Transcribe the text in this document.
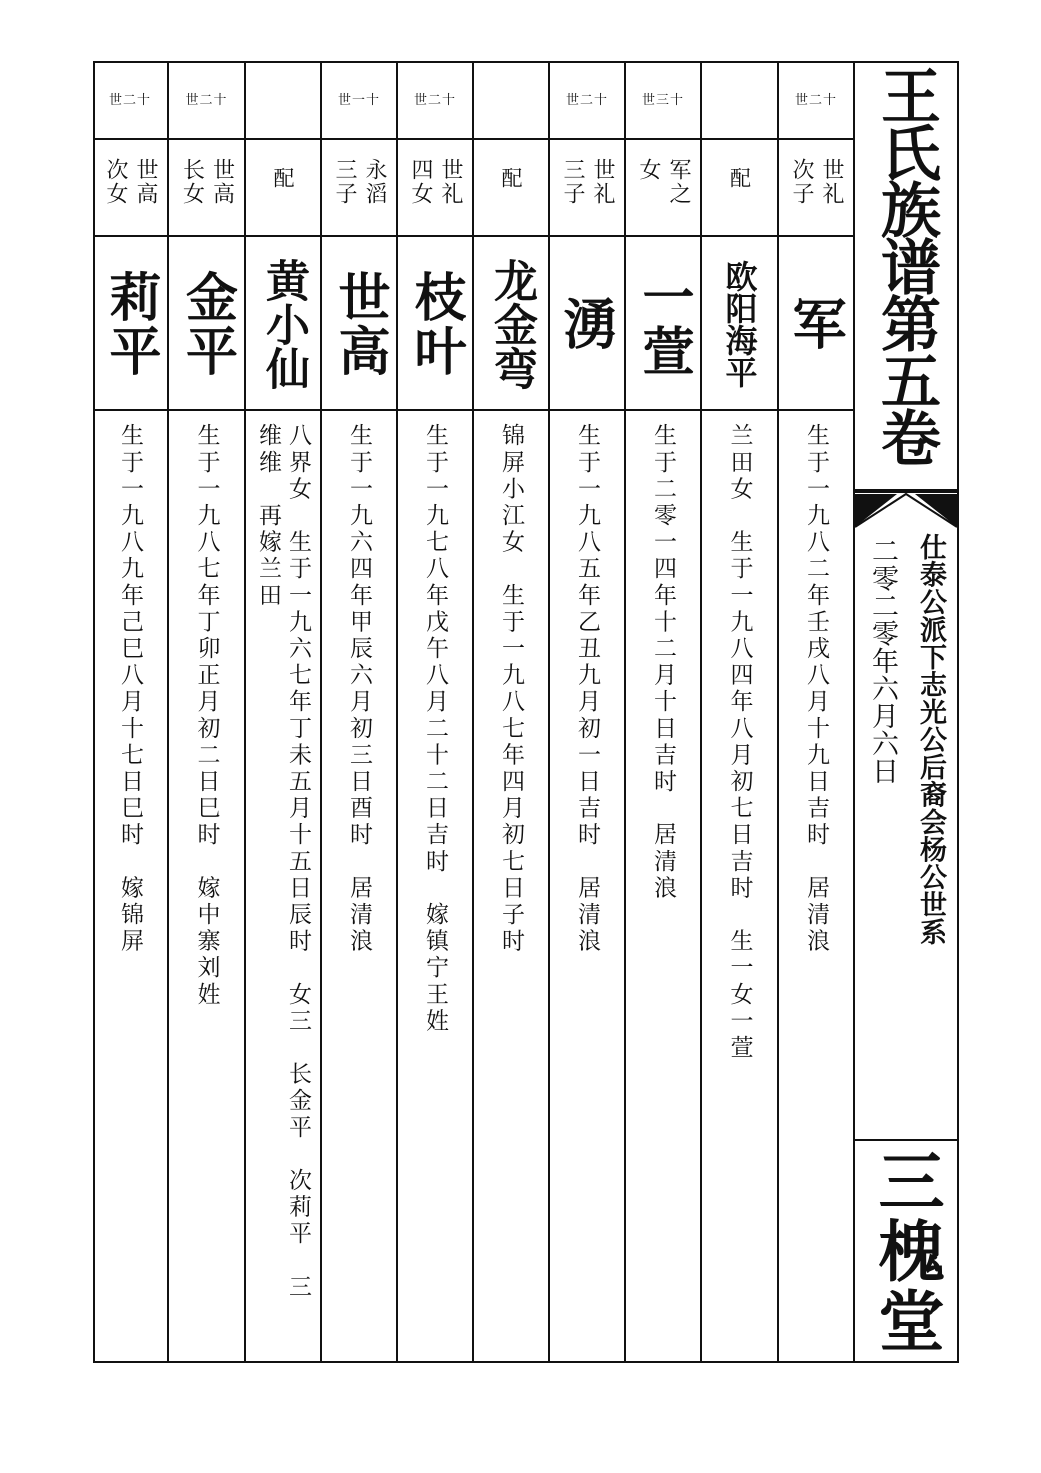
世二十
世礼
次子
军
生于一九八二年壬戌八月十九日吉时　居清浪
配
欧阳海平
兰田女　生于一九八四年八月初七日吉时　生一女一萱
世三十
军之
女
一萱
生于二零一四年十二月十日吉时　居清浪
世二十
世礼
三子
湧
生于一九八五年乙丑九月初一日吉时　居清浪
配
龙金弯
锦屏小江女　生于一九八七年四月初七日子时
世二十
世礼
四女
枝叶
生于一九七八年戊午八月二十二日吉时　嫁镇宁王姓
世一十
永滔
三子
世高
生于一九六四年甲辰六月初三日酉时　居清浪
配
黄小仙
八界女　生于一九六七年丁未五月十五日辰时　女三　长金平　次莉平　三
维维　再嫁兰田
世二十
世高
长女
金平
生于一九八七年丁卯正月初二日巳时　嫁中寨刘姓
世二十
世高
次女
莉平
生于一九八九年己巳八月十七日巳时　嫁锦屏
王氏族谱第五卷
仕泰公派下志光公后裔会杨公世系
二零二零年六月六日
三槐堂
